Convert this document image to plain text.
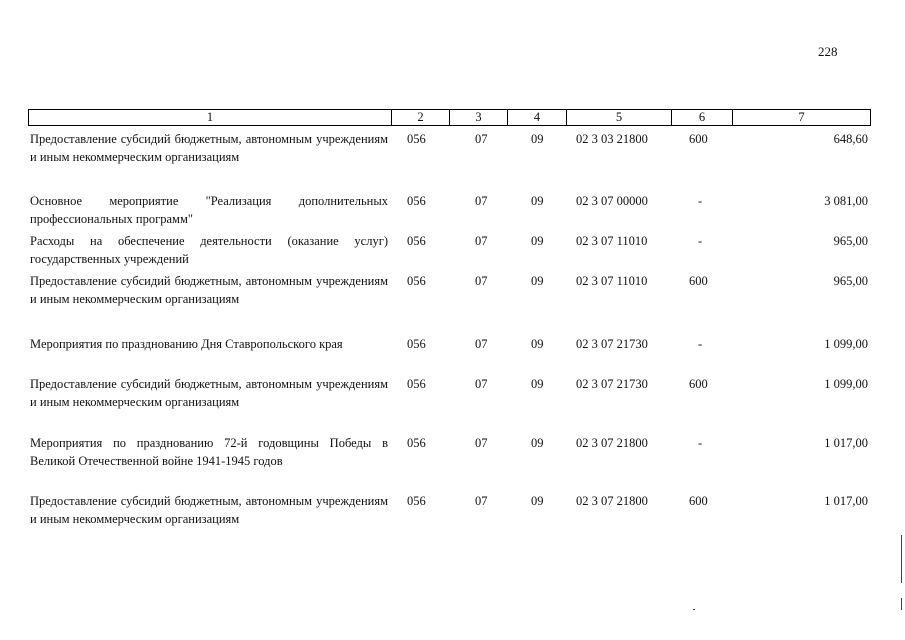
228
1	2	3	4	5	6	7
Предоставление субсидий бюджетным, автономным учреждениям и иным некоммерческим организациям
056	07	09	02 3 03 21800	600	648,60
Основное мероприятие "Реализация дополнительных профессиональных программ"
056	07	09	02 3 07 00000	-	3 081,00
Расходы на обеспечение деятельности (оказание услуг) государственных учреждений
056	07	09	02 3 07 11010	-	965,00
Предоставление субсидий бюджетным, автономным учреждениям и иным некоммерческим организациям
056	07	09	02 3 07 11010	600	965,00
Мероприятия по празднованию Дня Ставропольского края	056	07	09	02 3 07 21730	-	1 099,00
Предоставление субсидий бюджетным, автономным учреждениям и иным некоммерческим организациям
056	07	09	02 3 07 21730	600	1 099,00
Мероприятия по празднованию 72-й годовщины Победы в Великой Отечественной войне 1941-1945 годов
056	07	09	02 3 07 21800	-	1 017,00
Предоставление субсидий бюджетным, автономным учреждениям и иным некоммерческим организациям
056	07	09	02 3 07 21800	600	1 017,00
